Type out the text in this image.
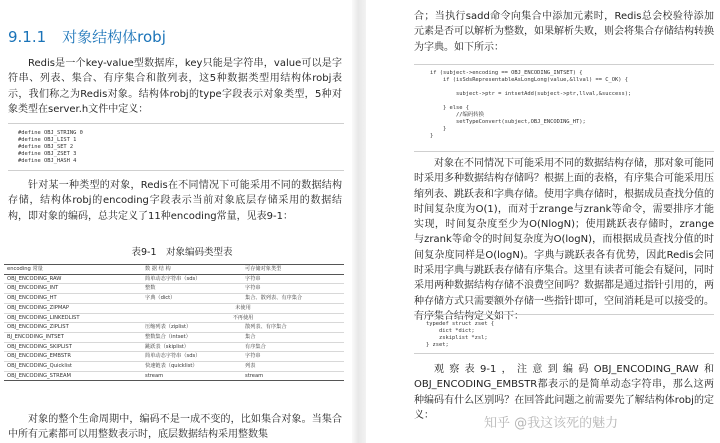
9.1.1 对象结构体robj

Redis是一个key-value型数据库，key只能是字符串，value可以是字符串、列表、集合、有序集合和散列表，这5种数据类型用结构体robj表示，我们称之为Redis对象。结构体robj的type字段表示对象类型，5种对象类型在server.h文件中定义：

#define OBJ_STRING 0
#define OBJ_LIST 1
#define OBJ_SET 2
#define OBJ_ZSET 3
#define OBJ_HASH 4

针对某一种类型的对象，Redis在不同情况下可能采用不同的数据结构存储，结构体robj的encoding字段表示当前对象底层存储采用的数据结构，即对象的编码，总共定义了11种encoding常量，见表9-1：

表9-1　对象编码类型表

encoding 常量	数 据 结 构	可存储对象类型
OBJ_ENCODING_RAW	简单动态字符串（sds）	字符串
OBJ_ENCODING_INT	整数	字符串
OBJ_ENCODING_HT	字典（dict）	集合、散列表、有序集合
OBJ_ENCODING_ZIPMAP	未使用	
OBJ_ENCODING_LINKEDLIST	不再使用	
OBJ_ENCODING_ZIPLIST	压缩列表（ziplist）	散列表、有序集合
BJ_ENCODING_INTSET	整数集合（intset）	集合
OBJ_ENCODING_SKIPLIST	跳跃表（skiplist）	有序集合
OBJ_ENCODING_EMBSTR	简单动态字符串（sds）	字符串
OBJ_ENCODING_Quicklist	快速链表（quicklist）	列表
OBJ_ENCODING_STREAM	stream	stream

对象的整个生命周期中，编码不是一成不变的，比如集合对象。当集合中所有元素都可以用整数表示时，底层数据结构采用整数集

合；当执行sadd命令向集合中添加元素时，Redis总会校验待添加元素是否可以解析为整数，如果解析失败，则会将集合存储结构转换为字典。如下所示：

if (subject->encoding == OBJ_ENCODING_INTSET) {
if (isSdsRepresentableAsLongLong(value,&llval) == C_OK) {

subject->ptr = intsetAdd(subject->ptr,llval,&success);

} else {
//编码转换
setTypeConvert(subject,OBJ_ENCODING_HT);
}
}

对象在不同情况下可能采用不同的数据结构存储，那对象可能同时采用多种数据结构存储吗？根据上面的表格，有序集合可能采用压缩列表、跳跃表和字典存储。使用字典存储时，根据成员查找分值的时间复杂度为O(1)，而对于zrange与zrank等命令，需要排序才能实现，时间复杂度至少为O(NlogN)；使用跳跃表存储时，zrange与zrank等命令的时间复杂度为O(logN)，而根据成员查找分值的时间复杂度同样是O(logN)。字典与跳跃表各有优势，因此Redis会同时采用字典与跳跃表存储有序集合。这里有读者可能会有疑问，同时采用两种数据结构存储不浪费空间吗？数据都是通过指针引用的，两种存储方式只需要额外存储一些指针即可，空间消耗是可以接受的。有序集合结构定义如下：

typedef struct zset {
dict *dict;
zskiplist *zsl;
} zset;

观察表9-1，注意到编码OBJ_ENCODING_RAW和OBJ_ENCODING_EMBSTR都表示的是简单动态字符串，那么这两种编码有什么区别吗？在回答此问题之前需要先了解结构体robj的定义：

知乎 @我这该死的魅力
